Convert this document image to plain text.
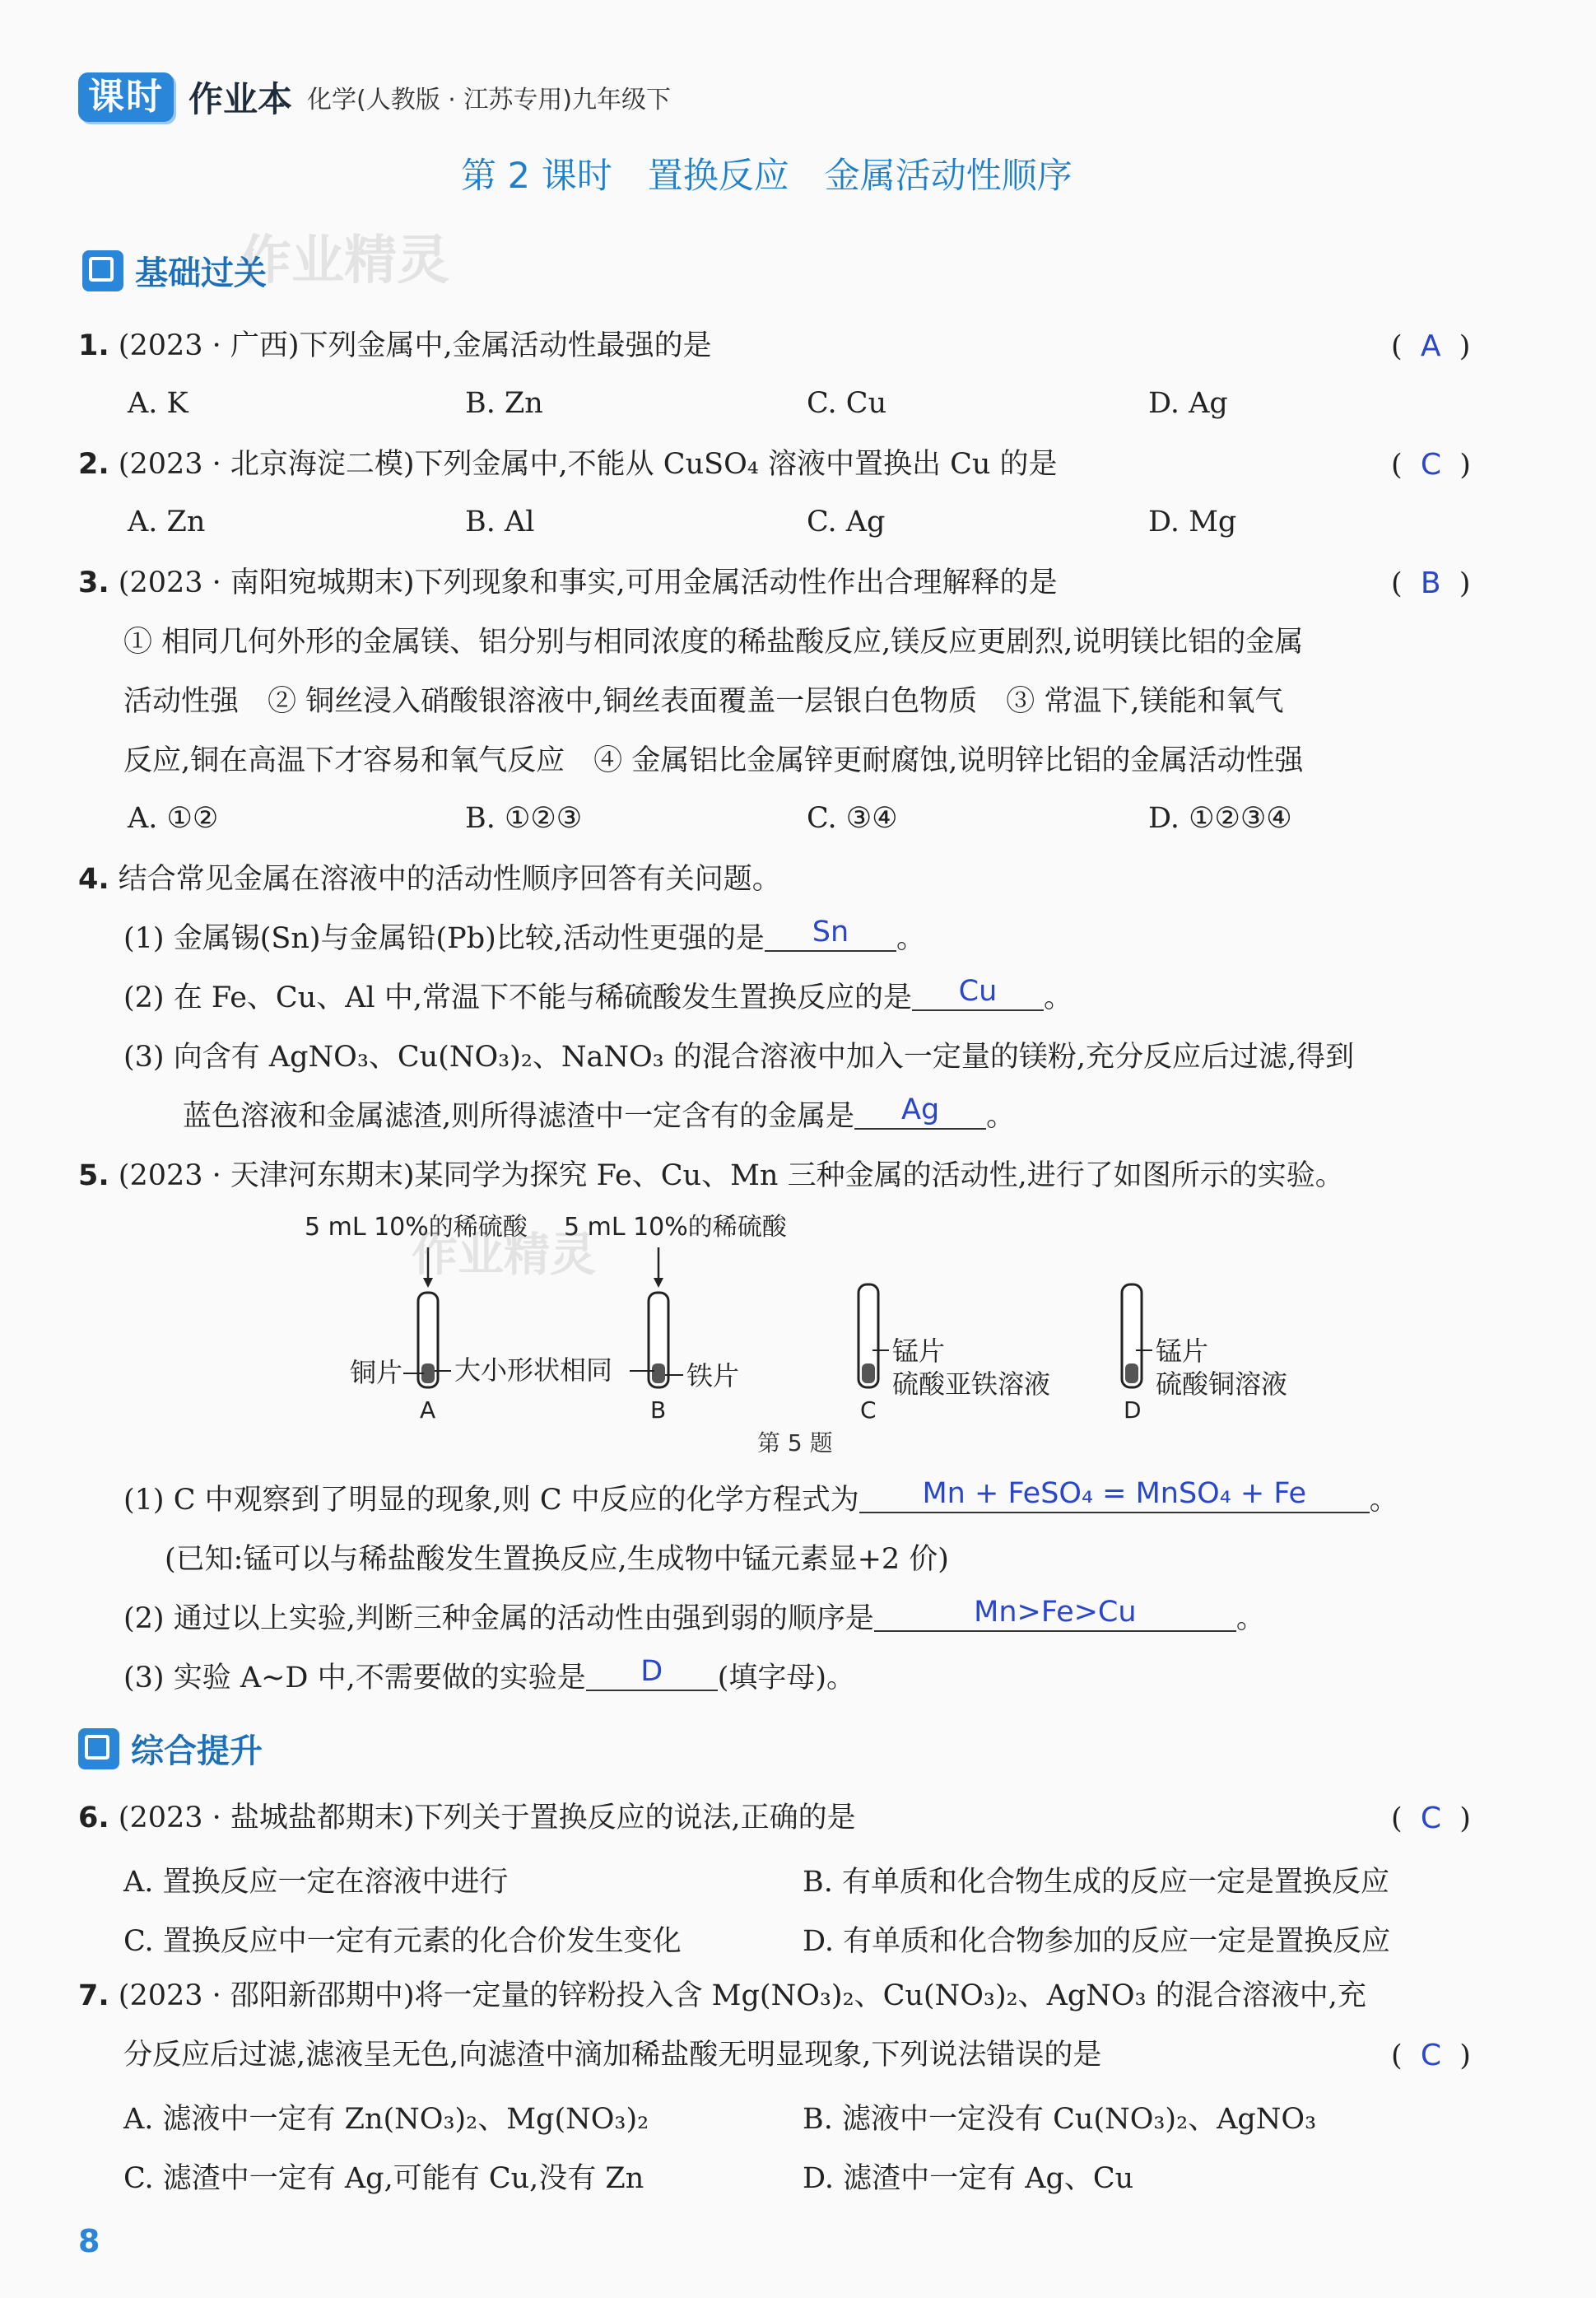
课时 作业本 化学(人教版 · 江苏专用)九年级下
第 2 课时　置换反应　金属活动性顺序
基础过关
作业精灵
1. (2023 · 广西)下列金属中,金属活动性最强的是	(  A  )
A. K	B. Zn	C. Cu	D. Ag
2. (2023 · 北京海淀二模)下列金属中,不能从 CuSO₄ 溶液中置换出 Cu 的是	(  C  )
A. Zn	B. Al	C. Ag	D. Mg
3. (2023 · 南阳宛城期末)下列现象和事实,可用金属活动性作出合理解释的是	(  B  )
① 相同几何外形的金属镁、铝分别与相同浓度的稀盐酸反应,镁反应更剧烈,说明镁比铝的金属
活动性强　② 铜丝浸入硝酸银溶液中,铜丝表面覆盖一层银白色物质　③ 常温下,镁能和氧气
反应,铜在高温下才容易和氧气反应　④ 金属铝比金属锌更耐腐蚀,说明锌比铝的金属活动性强
A. ①②	B. ①②③	C. ③④	D. ①②③④
4. 结合常见金属在溶液中的活动性顺序回答有关问题。
(1) 金属锡(Sn)与金属铅(Pb)比较,活动性更强的是 Sn 。
(2) 在 Fe、Cu、Al 中,常温下不能与稀硫酸发生置换反应的是 Cu 。
(3) 向含有 AgNO₃、Cu(NO₃)₂、NaNO₃ 的混合溶液中加入一定量的镁粉,充分反应后过滤,得到
蓝色溶液和金属滤渣,则所得滤渣中一定含有的金属是 Ag 。
5. (2023 · 天津河东期末)某同学为探究 Fe、Cu、Mn 三种金属的活动性,进行了如图所示的实验。
5 mL 10%的稀硫酸 5 mL 10%的稀硫酸
铜片 大小形状相同	铁片
锰片
硫酸亚铁溶液
锰片
硫酸铜溶液
A	B	C	D
第 5 题
作业精灵
(1) C 中观察到了明显的现象,则 C 中反应的化学方程式为 Mn + FeSO₄ = MnSO₄ + Fe 。
(已知:锰可以与稀盐酸发生置换反应,生成物中锰元素显+2 价)
(2) 通过以上实验,判断三种金属的活动性由强到弱的顺序是	Mn>Fe>Cu	。
(3) 实验 A~D 中,不需要做的实验是 D (填字母)。
综合提升
6. (2023 · 盐城盐都期末)下列关于置换反应的说法,正确的是	(  C  )
A. 置换反应一定在溶液中进行	B. 有单质和化合物生成的反应一定是置换反应
C. 置换反应中一定有元素的化合价发生变化	D. 有单质和化合物参加的反应一定是置换反应
7. (2023 · 邵阳新邵期中)将一定量的锌粉投入含 Mg(NO₃)₂、Cu(NO₃)₂、AgNO₃ 的混合溶液中,充
分反应后过滤,滤液呈无色,向滤渣中滴加稀盐酸无明显现象,下列说法错误的是	(  C  )
A. 滤液中一定有 Zn(NO₃)₂、Mg(NO₃)₂	B. 滤液中一定没有 Cu(NO₃)₂、AgNO₃
C. 滤渣中一定有 Ag,可能有 Cu,没有 Zn	D. 滤渣中一定有 Ag、Cu
8
